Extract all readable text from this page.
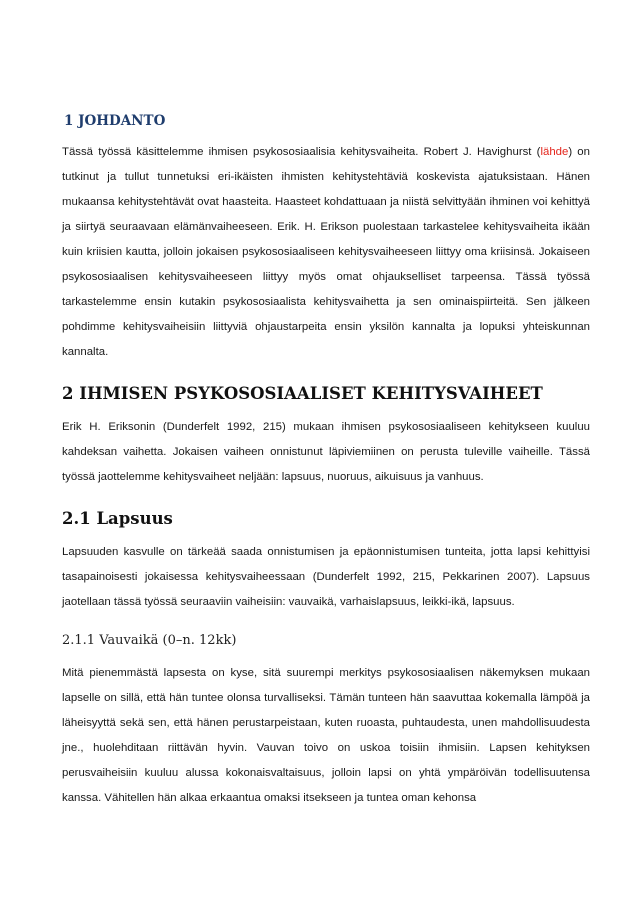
1 JOHDANTO

Tässä työssä käsittelemme ihmisen psykososiaalisia kehitysvaiheita. Robert J. Havighurst (lähde) on tutkinut ja tullut tunnetuksi eri-ikäisten ihmisten kehitystehtäviä koskevista ajatuksistaan. Hänen mukaansa kehitystehtävät ovat haasteita. Haasteet kohdattuaan ja niistä selvittyään ihminen voi kehittyä ja siirtyä seuraavaan elämänvaiheeseen. Erik. H. Erikson puolestaan tarkastelee kehitysvaiheita ikään kuin kriisien kautta, jolloin jokaisen psykososiaaliseen kehitysvaiheeseen liittyy oma kriisinsä. Jokaiseen psykososiaalisen kehitysvaiheeseen liittyy myös omat ohjaukselliset tarpeensa. Tässä työssä tarkastelemme ensin kutakin psykososiaalista kehitysvaihetta ja sen ominaispiirteitä. Sen jälkeen pohdimme kehitysvaiheisiin liittyviä ohjaustarpeita ensin yksilön kannalta ja lopuksi yhteiskunnan kannalta.

2 IHMISEN PSYKOSOSIAALISET KEHITYSVAIHEET

Erik H. Eriksonin (Dunderfelt 1992, 215) mukaan ihmisen psykososiaaliseen kehitykseen kuuluu kahdeksan vaihetta. Jokaisen vaiheen onnistunut läpiviemiinen on perusta tuleville vaiheille. Tässä työssä jaottelemme kehitysvaiheet neljään: lapsuus, nuoruus, aikuisuus ja vanhuus.

2.1 Lapsuus

Lapsuuden kasvulle on tärkeää saada onnistumisen ja epäonnistumisen tunteita, jotta lapsi kehittyisi tasapainoisesti jokaisessa kehitysvaiheessaan (Dunderfelt 1992, 215, Pekkarinen 2007). Lapsuus jaotellaan tässä työssä seuraaviin vaiheisiin: vauvaikä, varhaislapsuus, leikki-ikä, lapsuus.

2.1.1 Vauvaikä (0–n. 12kk)

Mitä pienemmästä lapsesta on kyse, sitä suurempi merkitys psykososiaalisen näkemyksen mukaan lapselle on sillä, että hän tuntee olonsa turvalliseksi. Tämän tunteen hän saavuttaa kokemalla lämpöä ja läheisyyttä sekä sen, että hänen perustarpeistaan, kuten ruoasta, puhtaudesta, unen mahdollisuudesta jne., huolehditaan riittävän hyvin. Vauvan toivo on uskoa toisiin ihmisiin. Lapsen kehityksen perusvaiheisiin kuuluu alussa kokonaisvaltaisuus, jolloin lapsi on yhtä ympäröivän todellisuutensa kanssa. Vähitellen hän alkaa erkaantua omaksi itsekseen ja tuntea oman kehonsa
